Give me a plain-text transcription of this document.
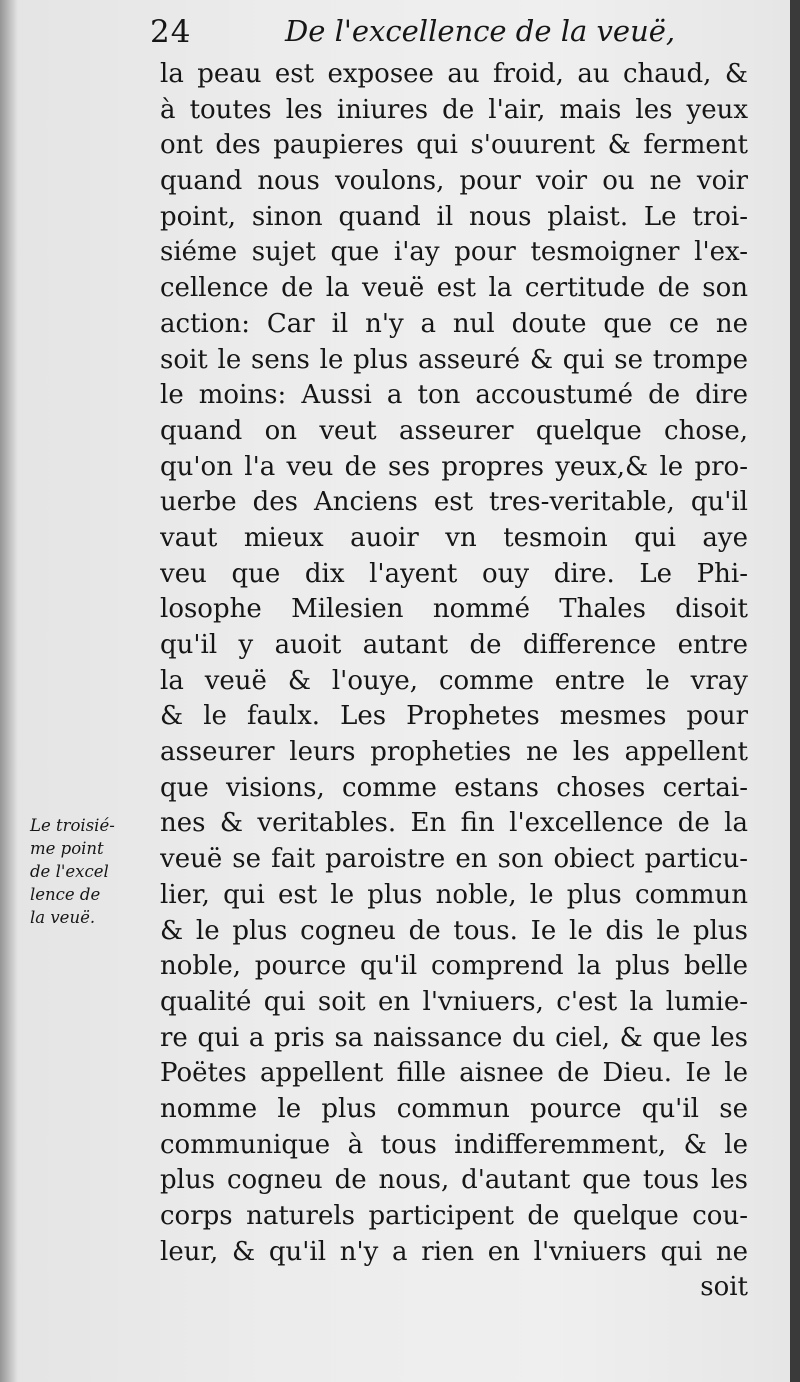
24	De l'excellence de la veuë,
la peau est exposee au froid, au chaud, &
à toutes les iniures de l'air, mais les yeux
ont des paupieres qui s'ouurent & ferment
quand nous voulons, pour voir ou ne voir
point, sinon quand il nous plaist. Le troi-
siéme sujet que i'ay pour tesmoigner l'ex-
cellence de la veuë est la certitude de son
action: Car il n'y a nul doute que ce ne
soit le sens le plus asseuré & qui se trompe
le moins: Aussi a ton accoustumé de dire
quand on veut asseurer quelque chose,
qu'on l'a veu de ses propres yeux,& le pro-
uerbe des Anciens est tres-veritable, qu'il
vaut mieux auoir vn tesmoin qui aye
veu que dix l'ayent ouy dire. Le Phi-
losophe Milesien nommé Thales disoit
qu'il y auoit autant de difference entre
la veuë & l'ouye, comme entre le vray
& le faulx. Les Prophetes mesmes pour
asseurer leurs propheties ne les appellent
que visions, comme estans choses certai-
nes & veritables. En fin l'excellence de la
veuë se fait paroistre en son obiect particu-
lier, qui est le plus noble, le plus commun
& le plus cogneu de tous. Ie le dis le plus
noble, pource qu'il comprend la plus belle
qualité qui soit en l'vniuers, c'est la lumie-
re qui a pris sa naissance du ciel, & que les
Poëtes appellent fille aisnee de Dieu. Ie le
nomme le plus commun pource qu'il se
communique à tous indifferemment, & le
plus cogneu de nous, d'autant que tous les
corps naturels participent de quelque cou-
leur, & qu'il n'y a rien en l'vniuers qui ne
soit
Le troisié-
me point
de l'excel
lence de
la veuë.
